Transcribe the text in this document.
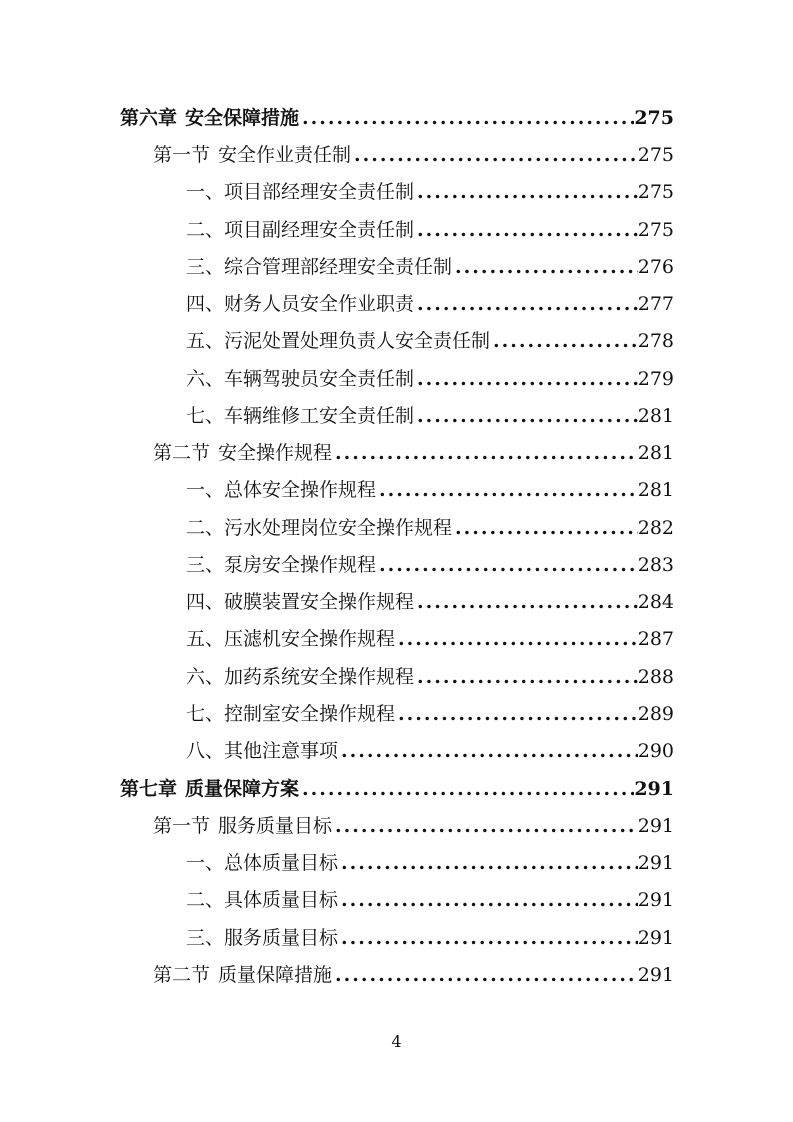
第六章 安全保障措施 .....	275
第一节 安全作业责任制 .....	275
一、项目部经理安全责任制 .....	275
二、项目副经理安全责任制 .....	275
三、综合管理部经理安全责任制 .....	276
四、财务人员安全作业职责 .....	277
五、污泥处置处理负责人安全责任制 .....	278
六、车辆驾驶员安全责任制 .....	279
七、车辆维修工安全责任制 .....	281
第二节 安全操作规程 .....	281
一、总体安全操作规程 .....	281
二、污水处理岗位安全操作规程 .....	282
三、泵房安全操作规程 .....	283
四、破膜装置安全操作规程 .....	284
五、压滤机安全操作规程 .....	287
六、加药系统安全操作规程 .....	288
七、控制室安全操作规程 .....	289
八、其他注意事项 .....	290
第七章 质量保障方案 .....	291
第一节 服务质量目标 .....	291
一、总体质量目标 .....	291
二、具体质量目标 .....	291
三、服务质量目标 .....	291
第二节 质量保障措施 .....	291
4
